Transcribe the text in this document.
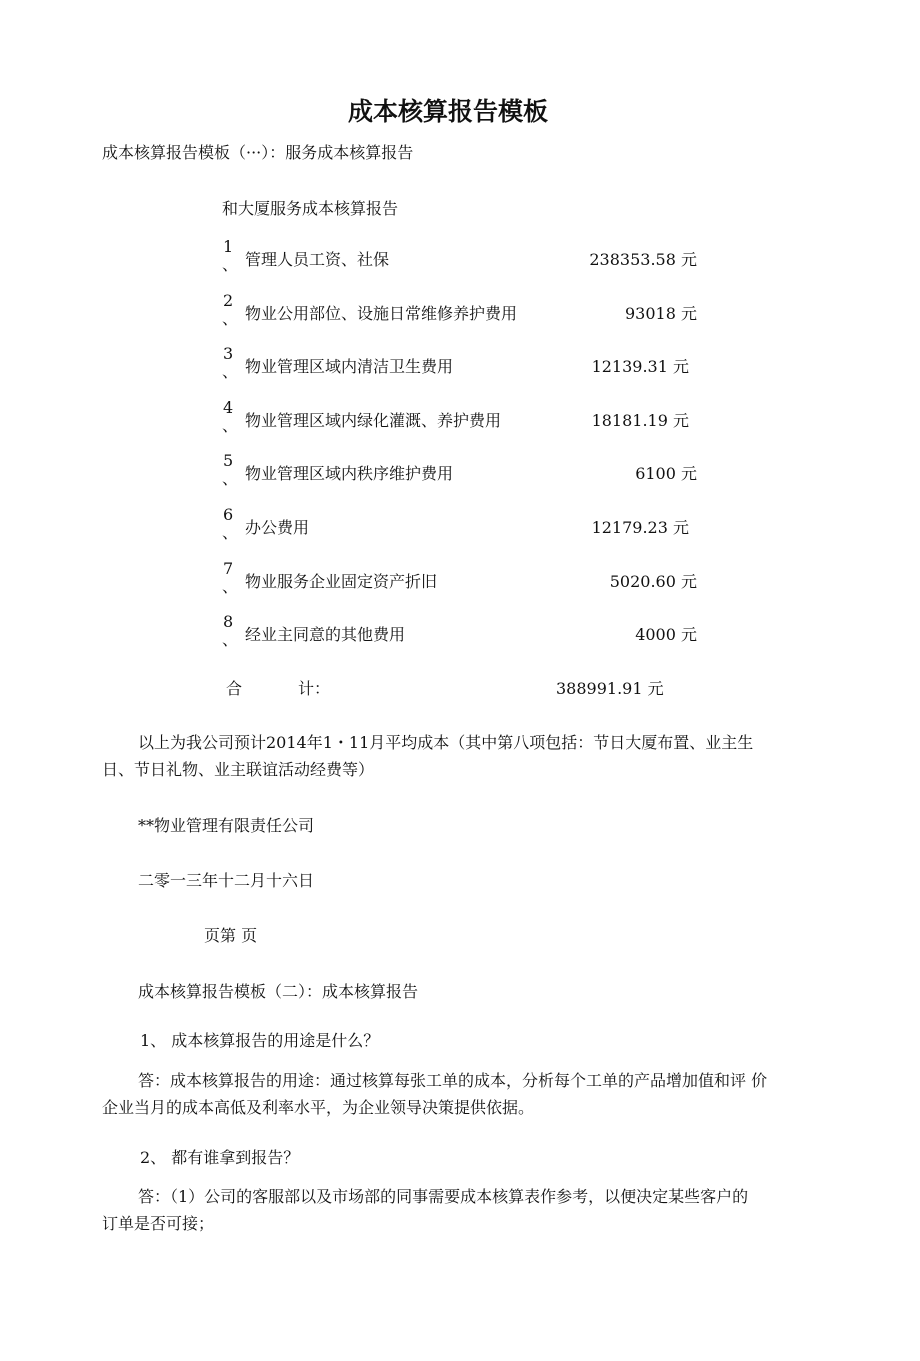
成本核算报告模板
成本核算报告模板（···）：服务成本核算报告
和大厦服务成本核算报告
1
、 管理人员工资、社保	238353.58 元
2
、 物业公用部位、设施日常维修养护费用	93018 元
3
、 物业管理区域内清洁卫生费用	12139.31 元
4
、 物业管理区域内绿化灌溉、养护费用	18181.19 元
5
、 物业管理区域内秩序维护费用	6100 元
6
、 办公费用	12179.23 元
7
、 物业服务企业固定资产折旧	5020.60 元
8
、 经业主同意的其他费用	4000 元
合	计：	388991.91 元
以上为我公司预计2014年1・11月平均成本（其中第八项包括：节日大厦布置、业主生
日、节日礼物、业主联谊活动经费等）
**物业管理有限责任公司
二零一三年十二月十六日
页第 页
成本核算报告模板（二）：成本核算报告
1、 成本核算报告的用途是什么？
答：成本核算报告的用途：通过核算每张工单的成本，分析每个工单的产品增加值和评 价
企业当月的成本高低及利率水平，为企业领导决策提供依据。
2、 都有谁拿到报告？
答：（1）公司的客服部以及市场部的同事需要成本核算表作参考，以便决定某些客户的
订单是否可接；
